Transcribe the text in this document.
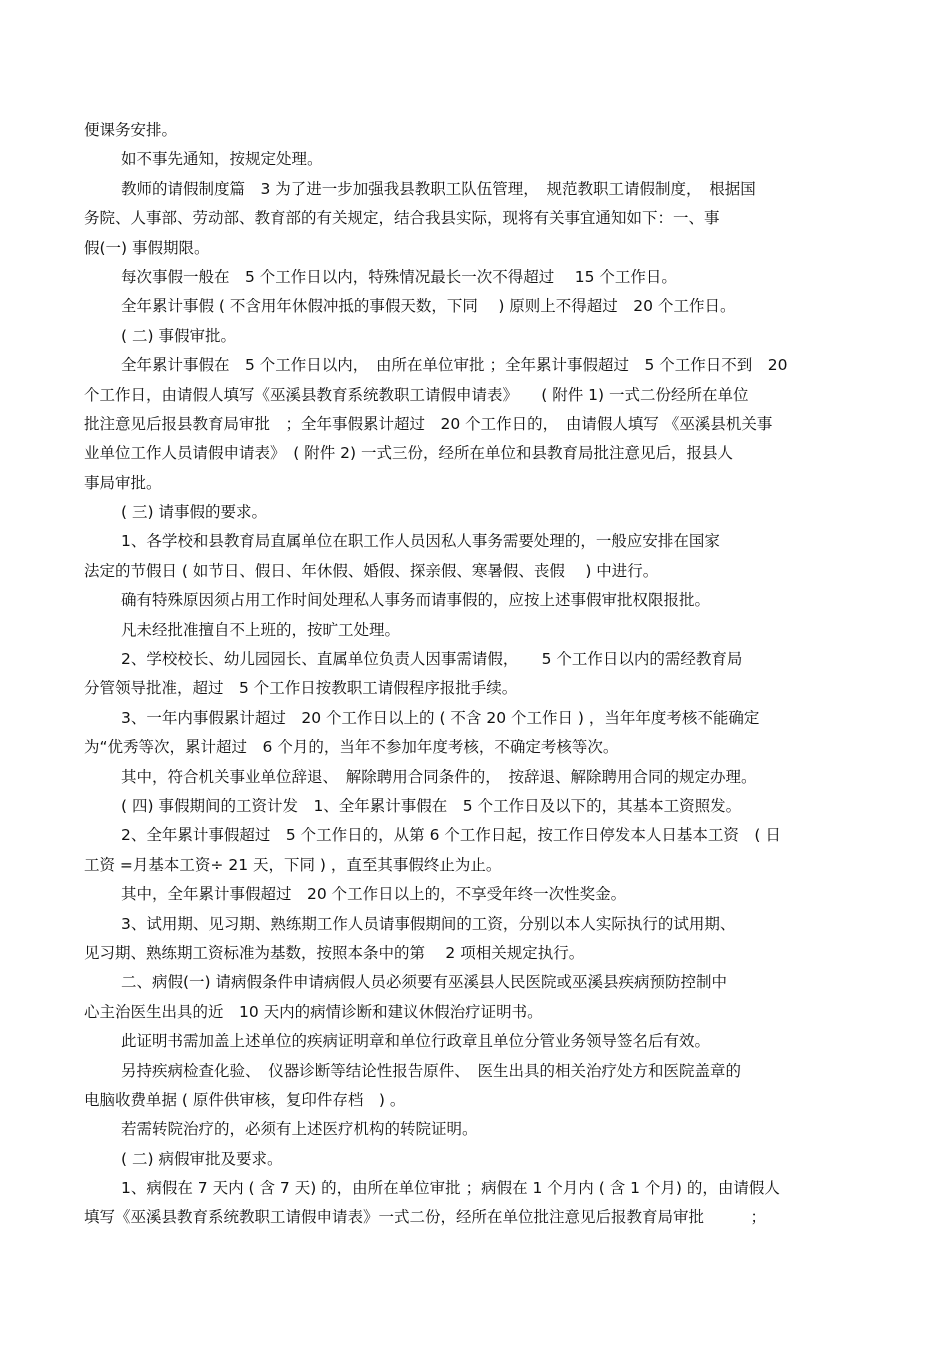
便课务安排。
如不事先通知，按规定处理。
教师的请假制度篇　3 为了进一步加强我县教职工队伍管理，　规范教职工请假制度，　根据国
务院、人事部、劳动部、教育部的有关规定，结合我县实际，现将有关事宜通知如下：一、事
假(一) 事假期限。
每次事假一般在　5 个工作日以内，特殊情况最长一次不得超过　 15 个工作日。
全年累计事假 ( 不含用年休假冲抵的事假天数，下同　 ) 原则上不得超过　20 个工作日。
( 二) 事假审批。
全年累计事假在　5 个工作日以内，　由所在单位审批 ；全年累计事假超过　5 个工作日不到　20
个工作日，由请假人填写《巫溪县教育系统教职工请假申请表》　　( 附件 1) 一式二份经所在单位
批注意见后报县教育局审批　；全年事假累计超过　20 个工作日的，　由请假人填写 《巫溪县机关事
业单位工作人员请假申请表》　( 附件 2) 一式三份，经所在单位和县教育局批注意见后，报县人
事局审批。
( 三) 请事假的要求。
1、各学校和县教育局直属单位在职工作人员因私人事务需要处理的，一般应安排在国家
法定的节假日 ( 如节日、假日、年休假、婚假、探亲假、寒暑假、丧假　 ) 中进行。
确有特殊原因须占用工作时间处理私人事务而请事假的，应按上述事假审批权限报批。
凡未经批准擅自不上班的，按旷工处理。
2、学校校长、幼儿园园长、直属单位负责人因事需请假，　　5 个工作日以内的需经教育局
分管领导批准，超过　5 个工作日按教职工请假程序报批手续。
3、一年内事假累计超过　20 个工作日以上的 ( 不含 20 个工作日 ) ，当年年度考核不能确定
为“优秀等次，累计超过　6 个月的，当年不参加年度考核，不确定考核等次。
其中，符合机关事业单位辞退、　解除聘用合同条件的，　按辞退、解除聘用合同的规定办理。
( 四) 事假期间的工资计发　1、全年累计事假在　5 个工作日及以下的，其基本工资照发。
2、全年累计事假超过　5 个工作日的，从第 6 个工作日起，按工作日停发本人日基本工资　( 日
工资 =月基本工资÷ 21 天，下同 ) ，直至其事假终止为止。
其中，全年累计事假超过　20 个工作日以上的，不享受年终一次性奖金。
3、试用期、见习期、熟练期工作人员请事假期间的工资，分别以本人实际执行的试用期、
见习期、熟练期工资标准为基数，按照本条中的第　 2 项相关规定执行。
二、病假(一) 请病假条件申请病假人员必须要有巫溪县人民医院或巫溪县疾病预防控制中
心主治医生出具的近　10 天内的病情诊断和建议休假治疗证明书。
此证明书需加盖上述单位的疾病证明章和单位行政章且单位分管业务领导签名后有效。
另持疾病检查化验、　仪器诊断等结论性报告原件、　医生出具的相关治疗处方和医院盖章的
电脑收费单据 ( 原件供审核，复印件存档　) 。
若需转院治疗的，必须有上述医疗机构的转院证明。
( 二) 病假审批及要求。
1、病假在 7 天内 ( 含 7 天) 的，由所在单位审批 ；病假在 1 个月内 ( 含 1 个月) 的，由请假人
填写《巫溪县教育系统教职工请假申请表》一式二份，经所在单位批注意见后报教育局审批　　　；
